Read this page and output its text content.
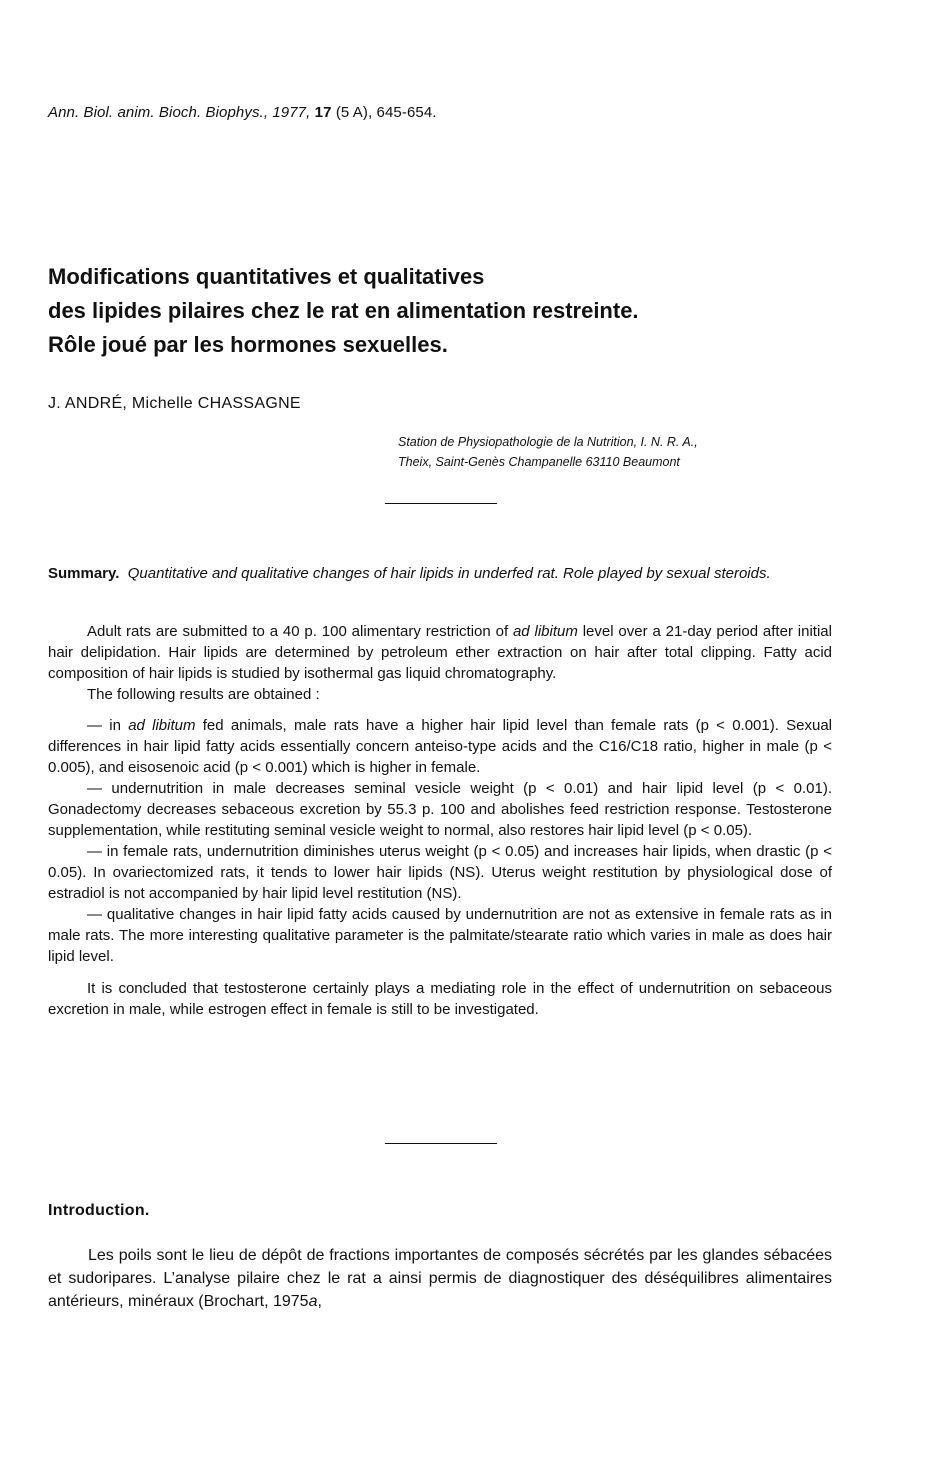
Ann. Biol. anim. Bioch. Biophys., 1977, 17 (5 A), 645-654.
Modifications quantitatives et qualitatives
des lipides pilaires chez le rat en alimentation restreinte.
Rôle joué par les hormones sexuelles.
J. ANDRÉ, Michelle CHASSAGNE
Station de Physiopathologie de la Nutrition, I. N. R. A.,
Theix, Saint-Genès Champanelle 63110 Beaumont

Summary. Quantitative and qualitative changes of hair lipids in underfed rat. Role played by sexual steroids.

Adult rats are submitted to a 40 p. 100 alimentary restriction of ad libitum level over a 21-day period after initial hair delipidation. Hair lipids are determined by petroleum ether extraction on hair after total clipping. Fatty acid composition of hair lipids is studied by isothermal gas liquid chromatography.

The following results are obtained :

— in ad libitum fed animals, male rats have a higher hair lipid level than female rats (p < 0.001). Sexual differences in hair lipid fatty acids essentially concern anteiso-type acids and the C16/C18 ratio, higher in male (p < 0.005), and eisosenoic acid (p < 0.001) which is higher in female.

— undernutrition in male decreases seminal vesicle weight (p < 0.01) and hair lipid level (p < 0.01). Gonadectomy decreases sebaceous excretion by 55.3 p. 100 and abolishes feed restriction response. Testosterone supplementation, while restituting seminal vesicle weight to normal, also restores hair lipid level (p < 0.05).

— in female rats, undernutrition diminishes uterus weight (p < 0.05) and increases hair lipids, when drastic (p < 0.05). In ovariectomized rats, it tends to lower hair lipids (NS). Uterus weight restitution by physiological dose of estradiol is not accompanied by hair lipid level restitution (NS).

— qualitative changes in hair lipid fatty acids caused by undernutrition are not as extensive in female rats as in male rats. The more interesting qualitative parameter is the palmitate/stearate ratio which varies in male as does hair lipid level.

It is concluded that testosterone certainly plays a mediating role in the effect of undernutrition on sebaceous excretion in male, while estrogen effect in female is still to be investigated.

Introduction.

Les poils sont le lieu de dépôt de fractions importantes de composés sécrétés par les glandes sébacées et sudoripares. L’analyse pilaire chez le rat a ainsi permis de diagnostiquer des déséquilibres alimentaires antérieurs, minéraux (Brochart, 1975a,
